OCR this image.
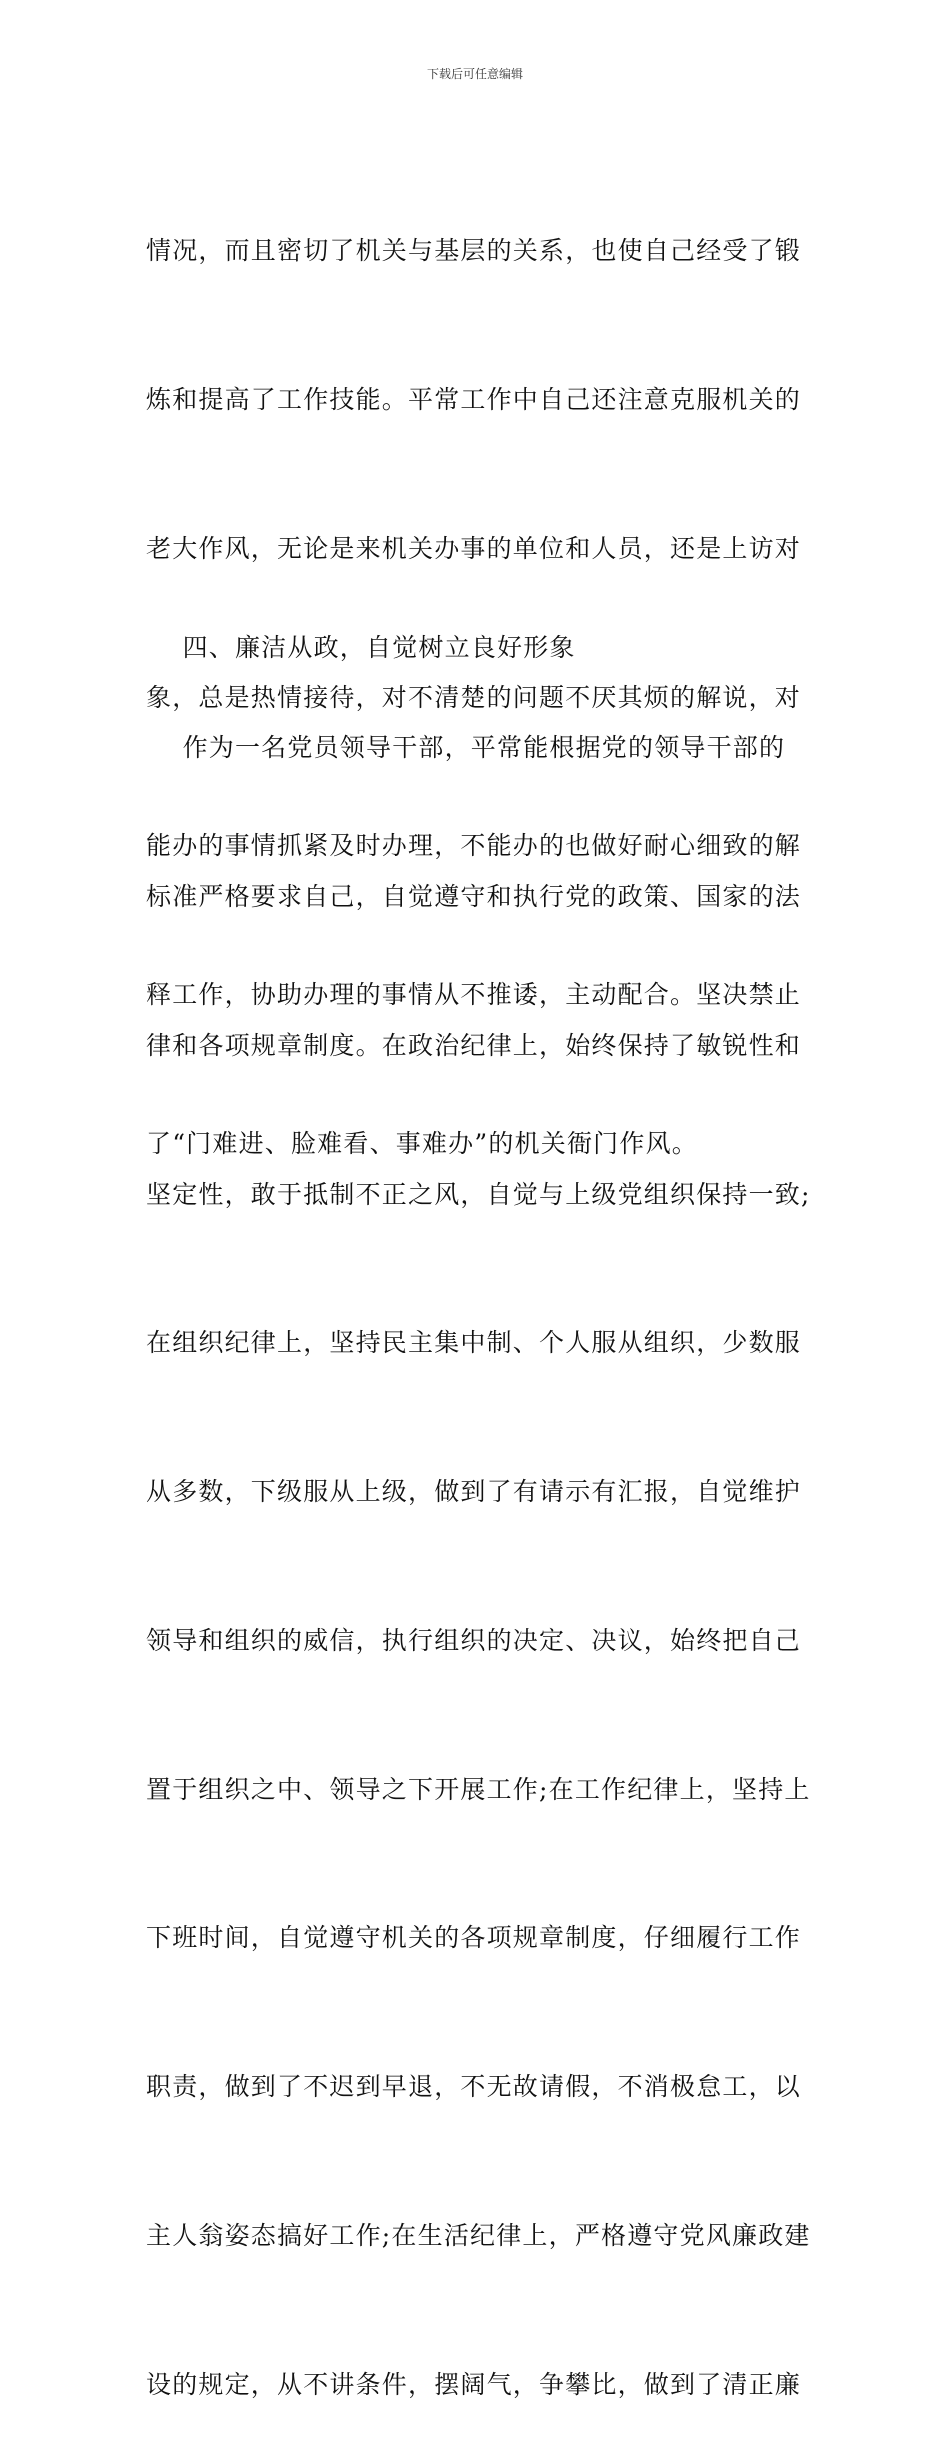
下载后可任意编辑

情况，而且密切了机关与基层的关系，也使自己经受了锻

炼和提高了工作技能。平常工作中自己还注意克服机关的

老大作风，无论是来机关办事的单位和人员，还是上访对

象，总是热情接待，对不清楚的问题不厌其烦的解说，对

能办的事情抓紧及时办理，不能办的也做好耐心细致的解

释工作，协助办理的事情从不推诿，主动配合。坚决禁止

了“门难进、脸难看、事难办”的机关衙门作风。

四、廉洁从政，自觉树立良好形象

作为一名党员领导干部，平常能根据党的领导干部的

标准严格要求自己，自觉遵守和执行党的政策、国家的法

律和各项规章制度。在政治纪律上，始终保持了敏锐性和

坚定性，敢于抵制不正之风，自觉与上级党组织保持一致;

在组织纪律上，坚持民主集中制、个人服从组织，少数服

从多数，下级服从上级，做到了有请示有汇报，自觉维护

领导和组织的威信，执行组织的决定、决议，始终把自己

置于组织之中、领导之下开展工作;在工作纪律上，坚持上

下班时间，自觉遵守机关的各项规章制度，仔细履行工作

职责，做到了不迟到早退，不无故请假，不消极怠工，以

主人翁姿态搞好工作;在生活纪律上，严格遵守党风廉政建

设的规定，从不讲条件，摆阔气，争攀比，做到了清正廉
